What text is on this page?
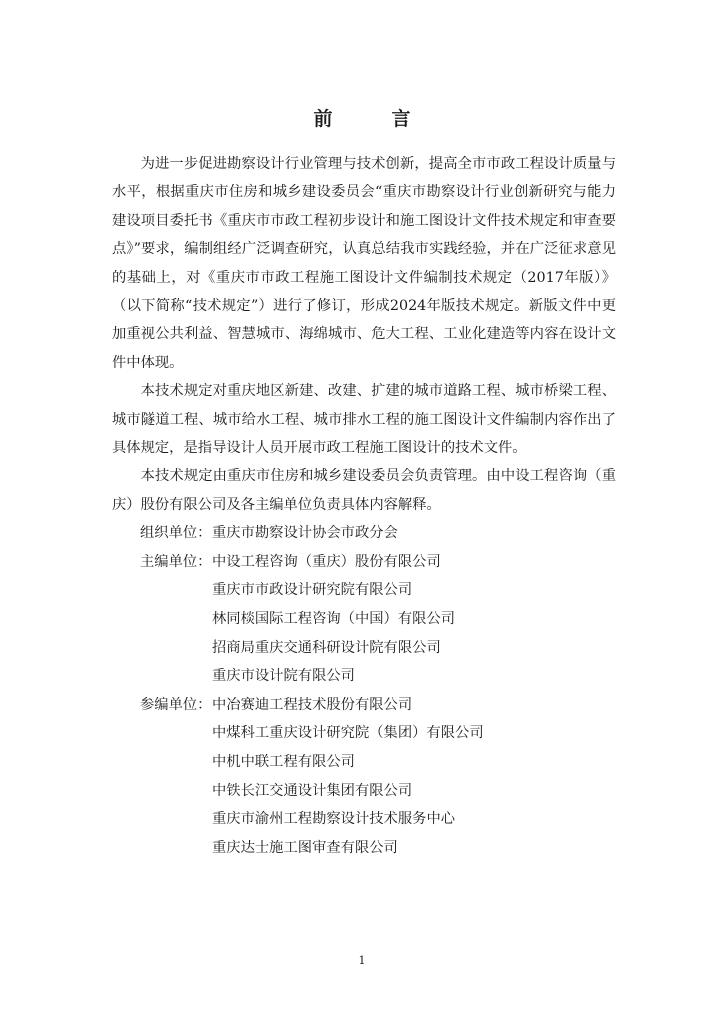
前　言

为进一步促进勘察设计行业管理与技术创新，提高全市市政工程设计质量与水平，根据重庆市住房和城乡建设委员会“重庆市勘察设计行业创新研究与能力建设项目委托书《重庆市市政工程初步设计和施工图设计文件技术规定和审查要点》”要求，编制组经广泛调查研究，认真总结我市实践经验，并在广泛征求意见的基础上，对《重庆市市政工程施工图设计文件编制技术规定（2017年版）》（以下简称“技术规定”）进行了修订，形成2024年版技术规定。新版文件中更加重视公共利益、智慧城市、海绵城市、危大工程、工业化建造等内容在设计文件中体现。

本技术规定对重庆地区新建、改建、扩建的城市道路工程、城市桥梁工程、城市隧道工程、城市给水工程、城市排水工程的施工图设计文件编制内容作出了具体规定，是指导设计人员开展市政工程施工图设计的技术文件。

本技术规定由重庆市住房和城乡建设委员会负责管理。由中设工程咨询（重庆）股份有限公司及各主编单位负责具体内容解释。

组织单位： 重庆市勘察设计协会市政分会
主编单位： 中设工程咨询（重庆）股份有限公司
重庆市市政设计研究院有限公司
林同棪国际工程咨询（中国）有限公司
招商局重庆交通科研设计院有限公司
重庆市设计院有限公司
参编单位： 中冶赛迪工程技术股份有限公司
中煤科工重庆设计研究院（集团）有限公司
中机中联工程有限公司
中铁长江交通设计集团有限公司
重庆市渝州工程勘察设计技术服务中心
重庆达士施工图审查有限公司
1
